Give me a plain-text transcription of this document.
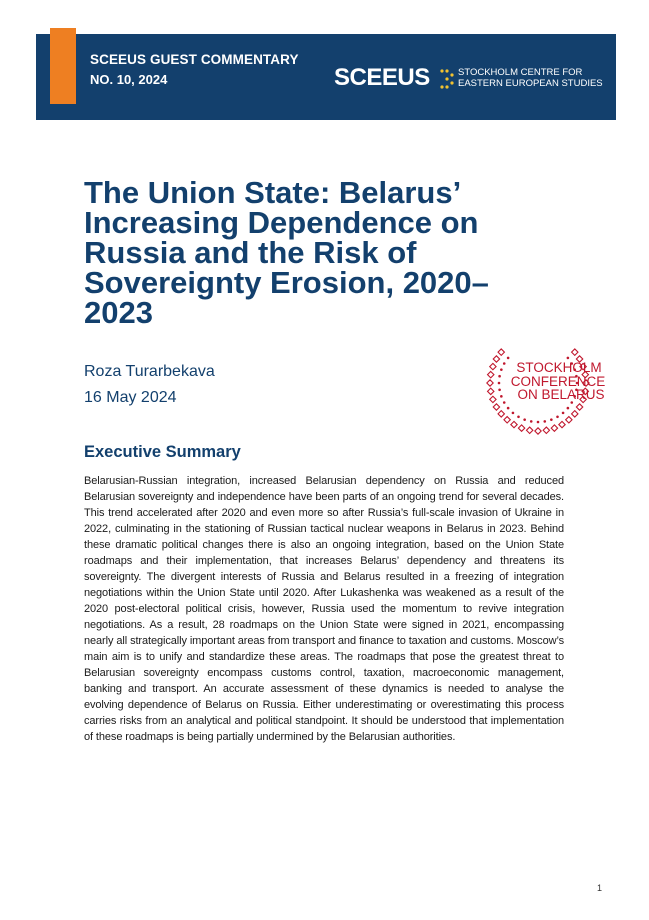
SCEEUS GUEST COMMENTARY
NO. 10, 2024	SCEEUS	STOCKHOLM CENTRE FOR
EASTERN EUROPEAN STUDIES
The Union State: Belarus’ Increasing Dependence on Russia and the Risk of Sovereignty Erosion, 2020–2023
Roza Turarbekava
16 May 2024
STOCKHOLM
CONFERENCE
ON BELARUS
Executive Summary

Belarusian-Russian integration, increased Belarusian dependency on Russia and reduced Belarusian sovereignty and independence have been parts of an ongoing trend for several decades. This trend accelerated after 2020 and even more so after Russia’s full-scale invasion of Ukraine in 2022, culminating in the stationing of Russian tactical nuclear weapons in Belarus in 2023. Behind these dramatic political changes there is also an ongoing integration, based on the Union State roadmaps and their implementation, that increases Belarus’ dependency and threatens its sovereignty. The divergent interests of Russia and Belarus resulted in a freezing of integration negotiations within the Union State until 2020. After Lukashenka was weakened as a result of the 2020 post-electoral political crisis, however, Russia used the momentum to revive integration negotiations. As a result, 28 roadmaps on the Union State were signed in 2021, encompassing nearly all strategically important areas from transport and finance to taxation and customs. Moscow’s main aim is to unify and standardize these areas. The roadmaps that pose the greatest threat to Belarusian sovereignty encompass customs control, taxation, macroeconomic management, banking and transport. An accurate assessment of these dynamics is needed to analyse the evolving dependence of Belarus on Russia. Either underestimating or overestimating this process carries risks from an analytical and political standpoint. It should be understood that implementation of these roadmaps is being partially undermined by the Belarusian authorities.

1
